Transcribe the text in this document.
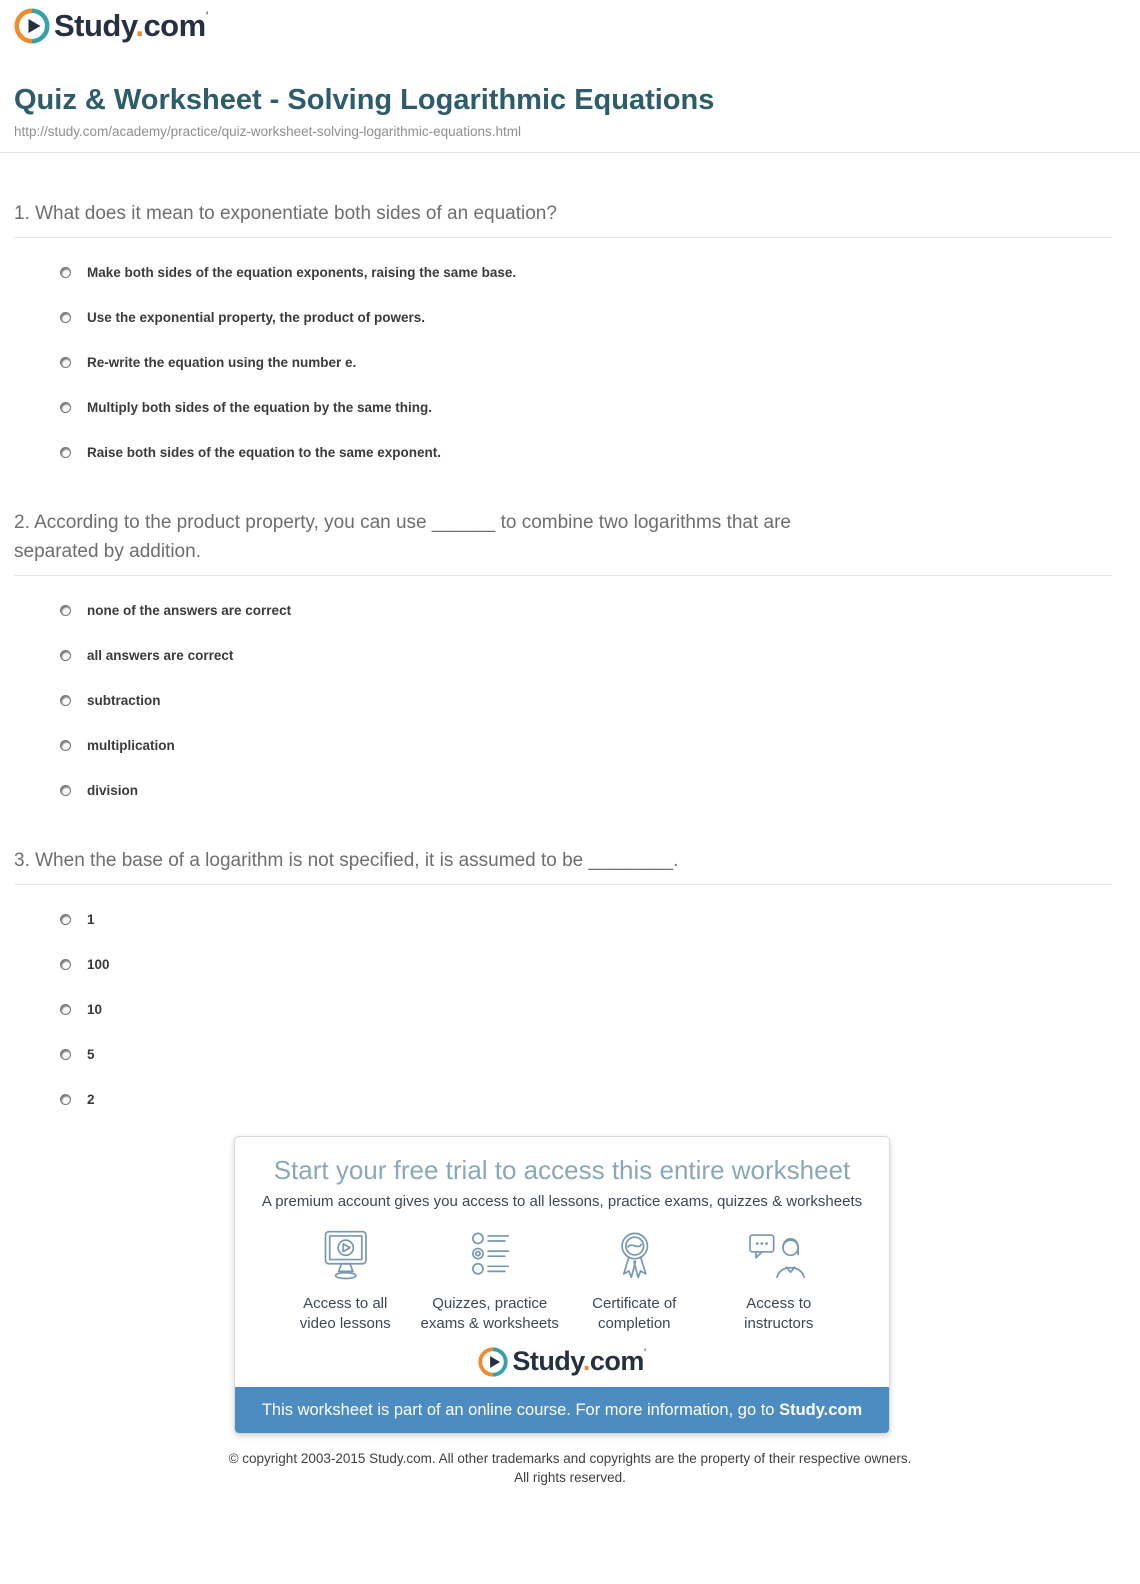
Study.com'
Quiz & Worksheet - Solving Logarithmic Equations
http://study.com/academy/practice/quiz-worksheet-solving-logarithmic-equations.html
1. What does it mean to exponentiate both sides of an equation?
Make both sides of the equation exponents, raising the same base.
Use the exponential property, the product of powers.
Re-write the equation using the number e.
Multiply both sides of the equation by the same thing.
Raise both sides of the equation to the same exponent.
2. According to the product property, you can use ______ to combine two logarithms that are separated by addition.
none of the answers are correct
all answers are correct
subtraction
multiplication
division
3. When the base of a logarithm is not specified, it is assumed to be ________.
1
100
10
5
2
Start your free trial to access this entire worksheet
A premium account gives you access to all lessons, practice exams, quizzes & worksheets
Access to all
video lessons
Quizzes, practice
exams & worksheets
Certificate of
completion
Access to
instructors
Study.com'
This worksheet is part of an online course. For more information, go to Study.com
© copyright 2003-2015 Study.com. All other trademarks and copyrights are the property of their respective owners.
All rights reserved.
